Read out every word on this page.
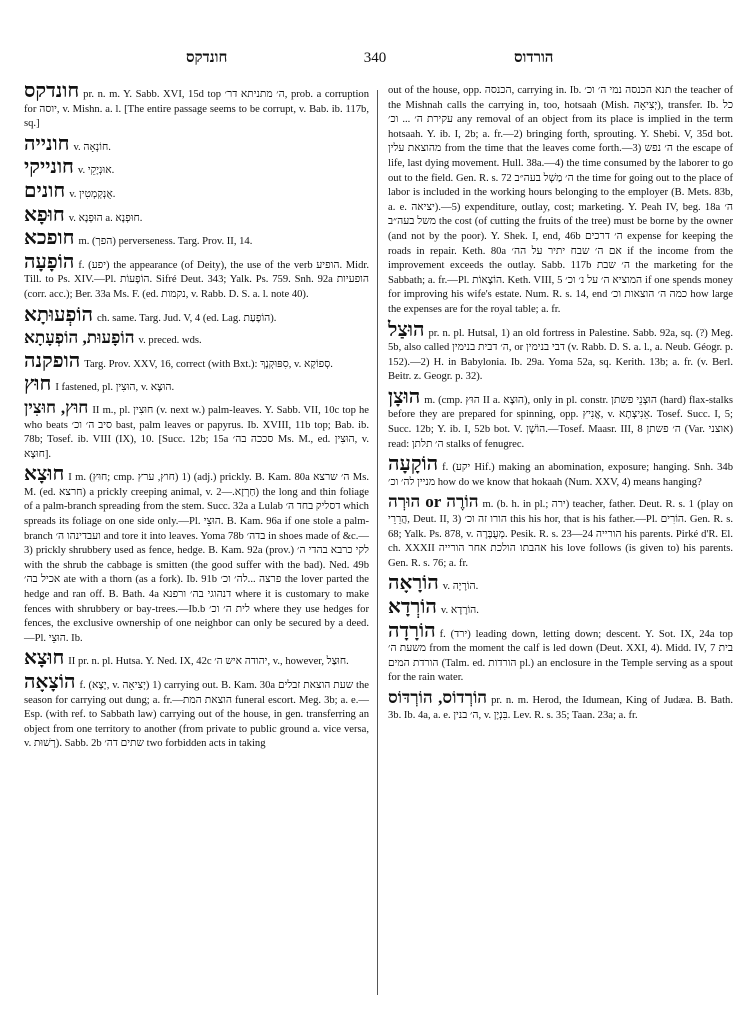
חונדקס	340	הורדוס
חונדקס pr. n. m. Y. Sabb. XVI, 15d top ה׳ מתניתא דר׳, prob. a corruption for יוסה, v. Mishn. a. l. [The entire passage seems to be corrupt, v. Bab. ib. 117b, sq.]
חונייה v. חוֹנְאָה.
חונייקי v. אוּנְיָקֵי.
חונים v. אֻנְקְמְטִין.
חוּפָא v. הוּפְנָא a. חוּפְנָא.
חופכא m. (הפך) perverseness. Targ. Prov. II, 14.
הוֹפָעָה f. (יפע) the appearance (of Deity), the use of the verb הופיע. Midr. Till. to Ps. XIV.—Pl. הוֹפָעוֹת. Sifré Deut. 343; Yalk. Ps. 759. Snh. 92a הופעיות (corr. acc.); Ber. 33a Ms. F. (ed. נקמות, v. Rabb. D. S. a. l. note 40).
הוֹפְעוּתָא ch. same. Targ. Jud. V, 4 (ed. Lag. הוֹפָעַת).
הוֹפָעוּת, הוֹפְעָתָא v. preced. wds.
הופקנה Targ. Prov. XXV, 16, correct (with Bxt.): סִפּוּקְנָךְ, v. סְפוֹקָא.
חוּץ I fastened, pl. הוּצִין, v. הוּצָא.
חוּץ, חוּצִין II m., pl. חוּצִין (v. next w.) palm-leaves. Y. Sabb. VII, 10c top he who beats סיב ה׳ וכ׳ bast, palm leaves or papyrus. Ib. XVIII, 11b top; Bab. ib. 78b; Tosef. ib. VIII (IX), 10. [Succ. 12b; 15a סככה בה׳ Ms. M., ed. הוּצִין, v. חוּצָא].
חוּצָא I m. (חוּץ; cmp. חוץ, ערץ) 1) (adj.) prickly. B. Kam. 80a ה׳ שרצא Ms. M. (ed. חרצא) a prickly creeping animal, v. חַרְזָא.—2) the long and thin foliage of a palm-branch spreading from the stem. Succ. 32a a Lulab דסליק בחד ה׳ which spreads its foliage on one side only.—Pl. הוּצֵי. B. Kam. 96a if one stole a palm-branch ועבדינהו ה׳ and tore it into leaves. Yoma 78b בדה׳ in shoes made of &c.—3) prickly shrubbery used as fence, hedge. B. Kam. 92a (prov.) לקי כרבא בהדי ה׳ with the shrub the cabbage is smitten (the good suffer with the bad). Ned. 49b אכיל בה׳ ate with a thorn (as a fork). Ib. 91b פרצה ...לה׳ וכ׳ the lover parted the hedge and ran off. B. Bath. 4a דנהוגי בה׳ ורפנא where it is customary to make fences with shrubbery or bay-trees.—Ib.b לית ה׳ וכ׳ where they use hedges for fences, the exclusive ownership of one neighbor can only be secured by a deed.—Pl. הוּצֵי. Ib.
חוּצָא II pr. n. pl. Hutsa. Y. Ned. IX, 42c יהודה איש ה׳, v., however, חוּצַל.
הוֹצָאָה f. (יָצָא, v. יְצִיאָה) 1) carrying out. B. Kam. 30a שעת הוצאת זבלים the season for carrying out dung; a. fr.—הוצאת המת funeral escort. Meg. 3b; a. e.—Esp. (with ref. to Sabbath law) carrying out of the house, in gen. transferring an object from one territory to another (from private to public ground a. vice versa, v. רְשׁוּת). Sabb. 2b שתים דה׳ two forbidden acts in taking
out of the house, opp. הכנסה, carrying in. Ib. תנא הכנסה נמי ה׳ וכ׳ the teacher of the Mishnah calls the carrying in, too, hotsaah (Mish. יְצִיאָה), transfer. Ib. כל עקירת ה׳ ... וכ׳ any removal of an object from its place is implied in the term hotsaah. Y. ib. I, 2b; a. fr.—2) bringing forth, sprouting. Y. Shebi. V, 35d bot. מהוצאת עלין from the time that the leaves come forth.—3) ה׳ נפש the escape of life, last dying movement. Hull. 38a.—4) the time consumed by the laborer to go out to the field. Gen. R. s. 72 ה׳ מַשְׁל בעה״ב the time for going out to the place of labor is included in the working hours belonging to the employer (B. Mets. 83b, a. e. יציאה).—5) expenditure, outlay, cost; marketing. Y. Peah IV, beg. 18a ה׳ משל בעה״ב the cost (of cutting the fruits of the tree) must be borne by the owner (and not by the poor). Y. Shek. I, end, 46b ה׳ דרכים expense for keeping the roads in repair. Keth. 80a אם ה׳ שבח יתיר על הה׳ if the income from the improvement exceeds the outlay. Sabb. 117b ה׳ שבת the marketing for the Sabbath; a. fr.—Pl. הוֹצָאוֹת. Keth. VIII, 5 המוציא ה׳ על נ׳ וכ׳ if one spends money for improving his wife's estate. Num. R. s. 14, end כמה ה׳ הוצאות וכ׳ how large the expenses are for the royal table; a. fr.
הוּצַל pr. n. pl. Hutsal, 1) an old fortress in Palestine. Sabb. 92a, sq. (?) Meg. 5b, also called ה׳ דבית בנימין, or דבי בנימין (v. Rabb. D. S. a. l., a. Neub. Géogr. p. 152).—2) H. in Babylonia. Ib. 29a. Yoma 52a, sq. Kerith. 13b; a. fr. (v. Berl. Beitr. z. Geogr. p. 32).
הוּצָן m. (cmp. הוּץ II a. הוּצָא), only in pl. constr. הוּצְנֵי פשתן (hard) flax-stalks before they are prepared for spinning, opp. אֲנִיץ, v. אֵנִיצְתָא. Tosef. Succ. I, 5; Succ. 12b; Y. ib. I, 52b bot. V. הוֹשָׁן.—Tosef. Maasr. III, 8 ה׳ פשתן (Var. אוצני) read: ה׳ תלתן stalks of fenugrec.
הוֹקָעָה f. (יקע Hif.) making an abomination, exposure; hanging. Snh. 34b מניין לה׳ וכ׳ how do we know that hokaah (Num. XXV, 4) means hanging?
הוֹרֶה or הוּרְה m. (b. h. in pl.; ירה) teacher, father. Deut. R. s. 1 (play on הֲרֵרֵי, Deut. II, 3) הורו זה וכ׳ this his hor, that is his father.—Pl. הוֹרִים. Gen. R. s. 68; Yalk. Ps. 878, v. מְעֻבָּרָה. Pesik. R. s. 23—24 הורייה his parents. Pirké d'R. El. ch. XXXII אהבתו הולכת אחר הורייה his love follows (is given to) his parents. Gen. R. s. 76; a. fr.
הוֹרָאָה v. הוֹרָיָה.
הוֹרְדָא v. הוֹרָדָא.
הוֹרָדָה f. (ירד) leading down, letting down; descent. Y. Sot. IX, 24a top משעת ה׳ from the moment the calf is led down (Deut. XXI, 4). Midd. IV, 7 בית הורדת המים (Talm. ed. הורדות pl.) an enclosure in the Temple serving as a spout for the rain water.
הוֹרְדוֹס, הוֹרְדּוֹס pr. n. m. Herod, the Idumean, King of Judæa. B. Bath. 3b. Ib. 4a, a. e. ה׳ בנין, v. בִּנְיָן. Lev. R. s. 35; Taan. 23a; a. fr.
